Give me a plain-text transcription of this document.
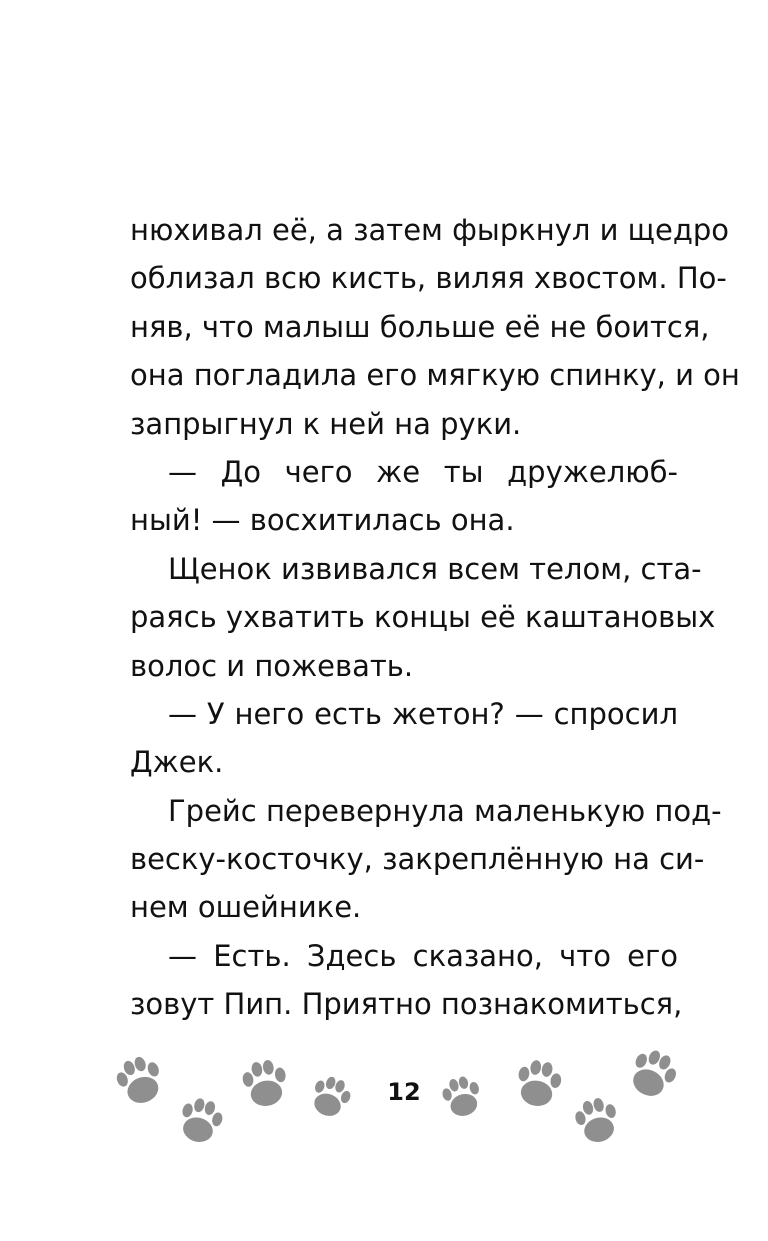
нюхивал её, а затем фыркнул и щедро
облизал всю кисть, виляя хвостом. По-
няв, что малыш больше её не боится,
она погладила его мягкую спинку, и он
запрыгнул к ней на руки.
— До чего же ты дружелюб-
ный! — восхитилась она.
Щенок извивался всем телом, ста-
раясь ухватить концы её каштановых
волос и пожевать.
— У него есть жетон? — спросил
Джек.
Грейс перевернула маленькую под-
веску-косточку, закреплённую на си-
нем ошейнике.
— Есть. Здесь сказано, что его
зовут Пип. Приятно познакомиться,
12
